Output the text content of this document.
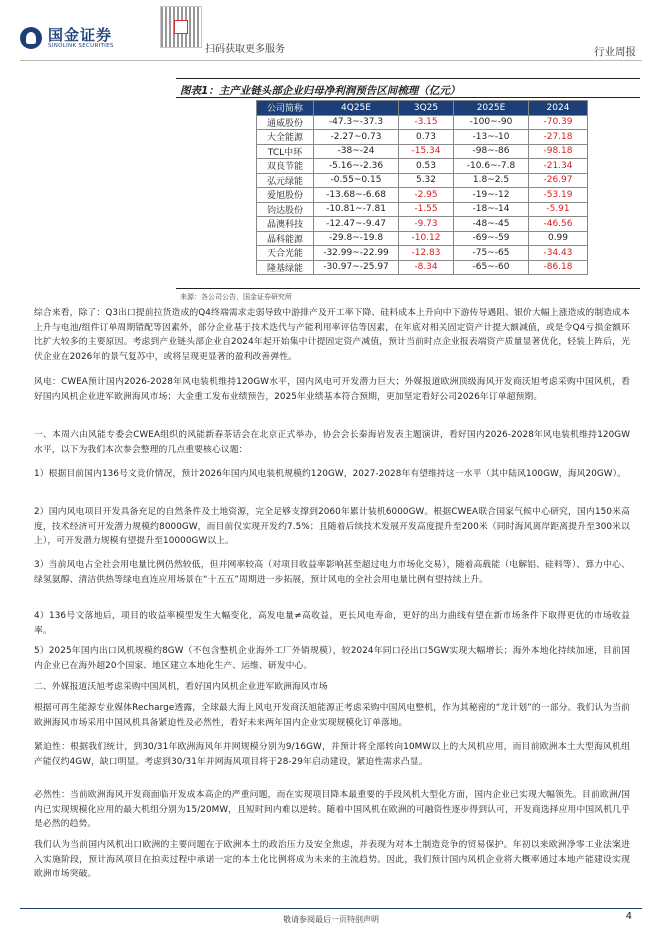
国金证券
SINOLINK SECURITIES	扫码获取更多服务	行业周报
图表1：主产业链头部企业归母净利润预告区间梳理（亿元）
公司简称	4Q25E	3Q25	2025E	2024
通威股份	-47.3~-37.3	-3.15	-100~-90	-70.39
大全能源	-2.27~0.73	0.73	-13~-10	-27.18
TCL中环	-38~-24	-15.34	-98~-86	-98.18
双良节能	-5.16~-2.36	0.53	-10.6~-7.8	-21.34
弘元绿能	-0.55~0.15	5.32	1.8~2.5	-26.97
爱旭股份	-13.68~-6.68	-2.95	-19~-12	-53.19
钧达股份	-10.81~-7.81	-1.55	-18~-14	-5.91
晶澳科技	-12.47~-9.47	-9.73	-48~-45	-46.56
晶科能源	-29.8~-19.8	-10.12	-69~-59	0.99
天合光能	-32.99~-22.99	-12.83	-75~-65	-34.43
隆基绿能	-30.97~-25.97	-8.34	-65~-60	-86.18
来源：各公司公告，国金证券研究所
综合来看，除了：Q3出口提前拉货造成的Q4终端需求走弱导致中游排产及开工率下降、硅料成本上升向中下游传导遇阻、银价大幅上涨造成的制造成本上升与电池/组件订单周期错配等因素外，部分企业基于技术迭代与产能利用率评估等因素，在年底对相关固定资产计提大额减值，或是令Q4亏损金额环比扩大较多的主要原因。考虑到产业链头部企业自2024年起开始集中计提固定资产减值，预计当前时点企业报表端资产质量显著优化，轻装上阵后，光伏企业在2026年的景气复苏中，或将呈现更显著的盈利改善弹性。
风电：CWEA预计国内2026-2028年风电装机维持120GW水平，国内风电可开发潜力巨大；外媒报道欧洲顶级海风开发商沃旭考虑采购中国风机，看好国内风机企业进军欧洲海风市场；大金重工发布业绩预告，2025年业绩基本符合预期，更加坚定看好公司2026年订单超预期。
一、本周六由风能专委会CWEA组织的风能新春茶话会在北京正式举办，协会会长秦海岩发表主题演讲，看好国内2026-2028年风电装机维持120GW水平，以下为我们本次参会整理的几点重要核心议题：
1）根据目前国内136号文竞价情况，预计2026年国内风电装机规模约120GW，2027-2028年有望维持这一水平（其中陆风100GW，海风20GW）。
2）国内风电项目开发具备充足的自然条件及土地资源，完全足够支撑到2060年累计装机6000GW。根据CWEA联合国家气候中心研究，国内150米高度，技术经济可开发潜力规模约8000GW，而目前仅实现开发约7.5%；且随着后续技术发展开发高度提升至200米（同时海风离岸距离提升至300米以上），可开发潜力规模有望提升至10000GW以上。
3）当前风电占全社会用电量比例仍然较低，但并网率较高（对项目收益率影响甚至超过电力市场化交易），随着高载能（电解铝、硅料等）、算力中心、绿氢氨醇、清洁供热等绿电直连应用场景在“十五五”周期进一步拓展，预计风电的全社会用电量比例有望持续上升。
4）136号文落地后，项目的收益率模型发生大幅变化，高发电量≠高收益，更长风电寿命，更好的出力曲线有望在新市场条件下取得更优的市场收益率。
5）2025年国内出口风机规模约8GW（不包含整机企业海外工厂外销规模），较2024年同口径出口5GW实现大幅增长；海外本地化持续加速，目前国内企业已在海外超20个国家、地区建立本地化生产、运维、研发中心。
二、外媒报道沃旭考虑采购中国风机，看好国内风机企业进军欧洲海风市场
根据可再生能源专业媒体Recharge透露，全球最大海上风电开发商沃旭能源正考虑采购中国风电整机，作为其秘密的“龙计划”的一部分。我们认为当前欧洲海风市场采用中国风机具备紧迫性及必然性，看好未来两年国内企业实现规模化订单落地。
紧迫性：根据我们统计，到30/31年欧洲海风年并网规模分别为9/16GW，并预计将全部转向10MW以上的大风机应用，而目前欧洲本土大型海风机组产能仅约4GW，缺口明显。考虑到30/31年并网海风项目将于28-29年启动建设，紧迫性需求凸显。
必然性：当前欧洲海风开发商面临开发成本高企的严重问题，而在实现项目降本最重要的手段风机大型化方面，国内企业已实现大幅领先。目前欧洲/国内已实现规模化应用的最大机组分别为15/20MW，且短时间内难以逆转。随着中国风机在欧洲的可融资性逐步得到认可，开发商选择应用中国风机几乎是必然的趋势。
我们认为当前国内风机出口欧洲的主要问题在于欧洲本土的政治压力及安全焦虑，并表现为对本土制造竞争的贸易保护。年初以来欧洲净零工业法案进入实施阶段，预计海风项目在拍卖过程中承诺一定的本土化比例将成为未来的主流趋势。因此，我们预计国内风机企业将大概率通过本地产能建设实现欧洲市场突破。
敬请参阅最后一页特别声明	4
